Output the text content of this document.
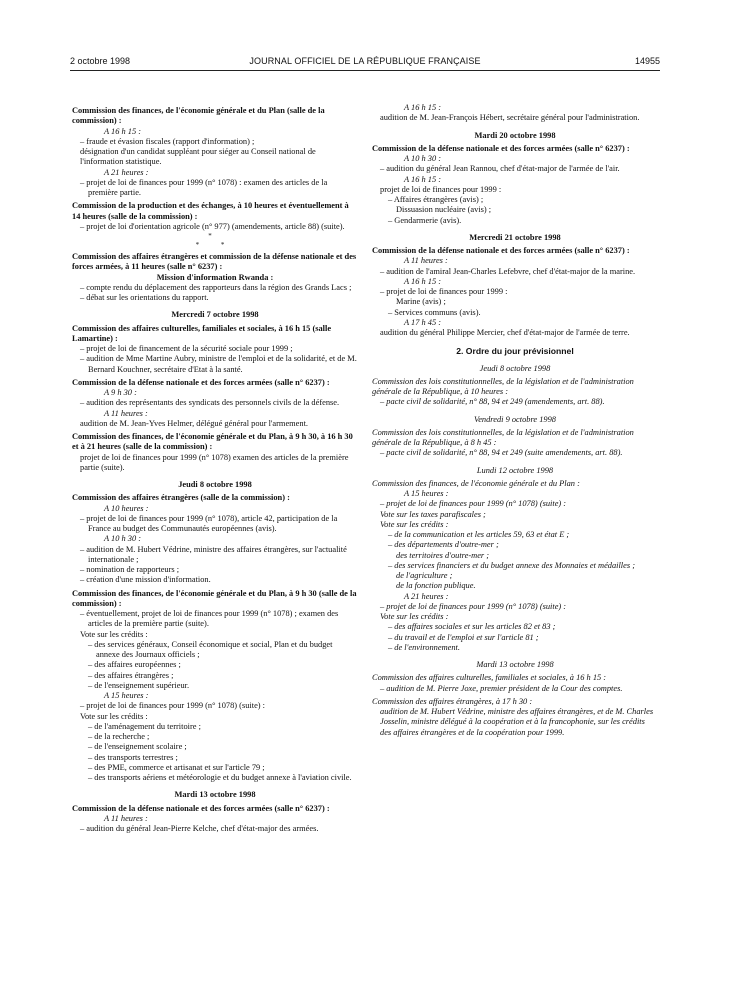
2 octobre 1998	JOURNAL OFFICIEL DE LA RÉPUBLIQUE FRANÇAISE	14955

Commission des finances, de l'économie générale et du Plan (salle de la commission) :

A 16 h 15 :

– fraude et évasion fiscales (rapport d'information) ;

désignation d'un candidat suppléant pour siéger au Conseil national de l'information statistique.

A 21 heures :

– projet de loi de finances pour 1999 (n° 1078) : examen des articles de la première partie.

Commission de la production et des échanges, à 10 heures et éventuellement à 14 heures (salle de la commission) :

– projet de loi d'orientation agricole (n° 977) (amendements, article 88) (suite).

*
* *

Commission des affaires étrangères et commission de la défense nationale et des forces armées, à 11 heures (salle n° 6237) :

Mission d'information Rwanda :

– compte rendu du déplacement des rapporteurs dans la région des Grands Lacs ;

– débat sur les orientations du rapport.

Mercredi 7 octobre 1998

Commission des affaires culturelles, familiales et sociales, à 16 h 15 (salle Lamartine) :

– projet de loi de financement de la sécurité sociale pour 1999 ;

– audition de Mme Martine Aubry, ministre de l'emploi et de la solidarité, et de M. Bernard Kouchner, secrétaire d'Etat à la santé.

Commission de la défense nationale et des forces armées (salle n° 6237) :

A 9 h 30 :

– audition des représentants des syndicats des personnels civils de la défense.

A 11 heures :

audition de M. Jean-Yves Helmer, délégué général pour l'armement.

Commission des finances, de l'économie générale et du Plan, à 9 h 30, à 16 h 30 et à 21 heures (salle de la commission) :

projet de loi de finances pour 1999 (n° 1078) examen des articles de la première partie (suite).

Jeudi 8 octobre 1998

Commission des affaires étrangères (salle de la commission) :

A 10 heures :

– projet de loi de finances pour 1999 (n° 1078), article 42, participation de la France au budget des Communautés européennes (avis).

A 10 h 30 :

– audition de M. Hubert Védrine, ministre des affaires étrangères, sur l'actualité internationale ;

– nomination de rapporteurs ;

– création d'une mission d'information.

Commission des finances, de l'économie générale et du Plan, à 9 h 30 (salle de la commission) :

– éventuellement, projet de loi de finances pour 1999 (n° 1078) ; examen des articles de la première partie (suite).

Vote sur les crédits :

– des services généraux, Conseil économique et social, Plan et du budget annexe des Journaux officiels ;

– des affaires européennes ;

– des affaires étrangères ;

– de l'enseignement supérieur.

A 15 heures :

– projet de loi de finances pour 1999 (n° 1078) (suite) :

Vote sur les crédits :

– de l'aménagement du territoire ;

– de la recherche ;

– de l'enseignement scolaire ;

– des transports terrestres ;

– des PME, commerce et artisanat et sur l'article 79 ;

– des transports aériens et météorologie et du budget annexe à l'aviation civile.

Mardi 13 octobre 1998

Commission de la défense nationale et des forces armées (salle n° 6237) :

A 11 heures :

– audition du général Jean-Pierre Kelche, chef d'état-major des armées.

A 16 h 15 :

audition de M. Jean-François Hébert, secrétaire général pour l'administration.

Mardi 20 octobre 1998

Commission de la défense nationale et des forces armées (salle n° 6237) :

A 10 h 30 :

– audition du général Jean Rannou, chef d'état-major de l'armée de l'air.

A 16 h 15 :

projet de loi de finances pour 1999 :

– Affaires étrangères (avis) ;

Dissuasion nucléaire (avis) ;

– Gendarmerie (avis).

Mercredi 21 octobre 1998

Commission de la défense nationale et des forces armées (salle n° 6237) :

A 11 heures :

– audition de l'amiral Jean-Charles Lefebvre, chef d'état-major de la marine.

A 16 h 15 :

– projet de loi de finances pour 1999 :

Marine (avis) ;

– Services communs (avis).

A 17 h 45 :

audition du général Philippe Mercier, chef d'état-major de l'armée de terre.

2. Ordre du jour prévisionnel

Jeudi 8 octobre 1998

Commission des lois constitutionnelles, de la législation et de l'administration générale de la République, à 10 heures :

– pacte civil de solidarité, n° 88, 94 et 249 (amendements, art. 88).

Vendredi 9 octobre 1998

Commission des lois constitutionnelles, de la législation et de l'administration générale de la République, à 8 h 45 :

– pacte civil de solidarité, n° 88, 94 et 249 (suite amendements, art. 88).

Lundi 12 octobre 1998

Commission des finances, de l'économie générale et du Plan :

A 15 heures :

– projet de loi de finances pour 1999 (n° 1078) (suite) :

Vote sur les taxes parafiscales ;

Vote sur les crédits :

– de la communication et les articles 59, 63 et état E ;

– des départements d'outre-mer ;

des territoires d'outre-mer ;

– des services financiers et du budget annexe des Monnaies et médailles ;

de l'agriculture ;

de la fonction publique.

A 21 heures :

– projet de loi de finances pour 1999 (n° 1078) (suite) :

Vote sur les crédits :

– des affaires sociales et sur les articles 82 et 83 ;

– du travail et de l'emploi et sur l'article 81 ;

– de l'environnement.

Mardi 13 octobre 1998

Commission des affaires culturelles, familiales et sociales, à 16 h 15 :

– audition de M. Pierre Joxe, premier président de la Cour des comptes.

Commission des affaires étrangères, à 17 h 30 :

audition de M. Hubert Védrine, ministre des affaires étrangères, et de M. Charles Josselin, ministre délégué à la coopération et à la francophonie, sur les crédits des affaires étrangères et de la coopération pour 1999.
